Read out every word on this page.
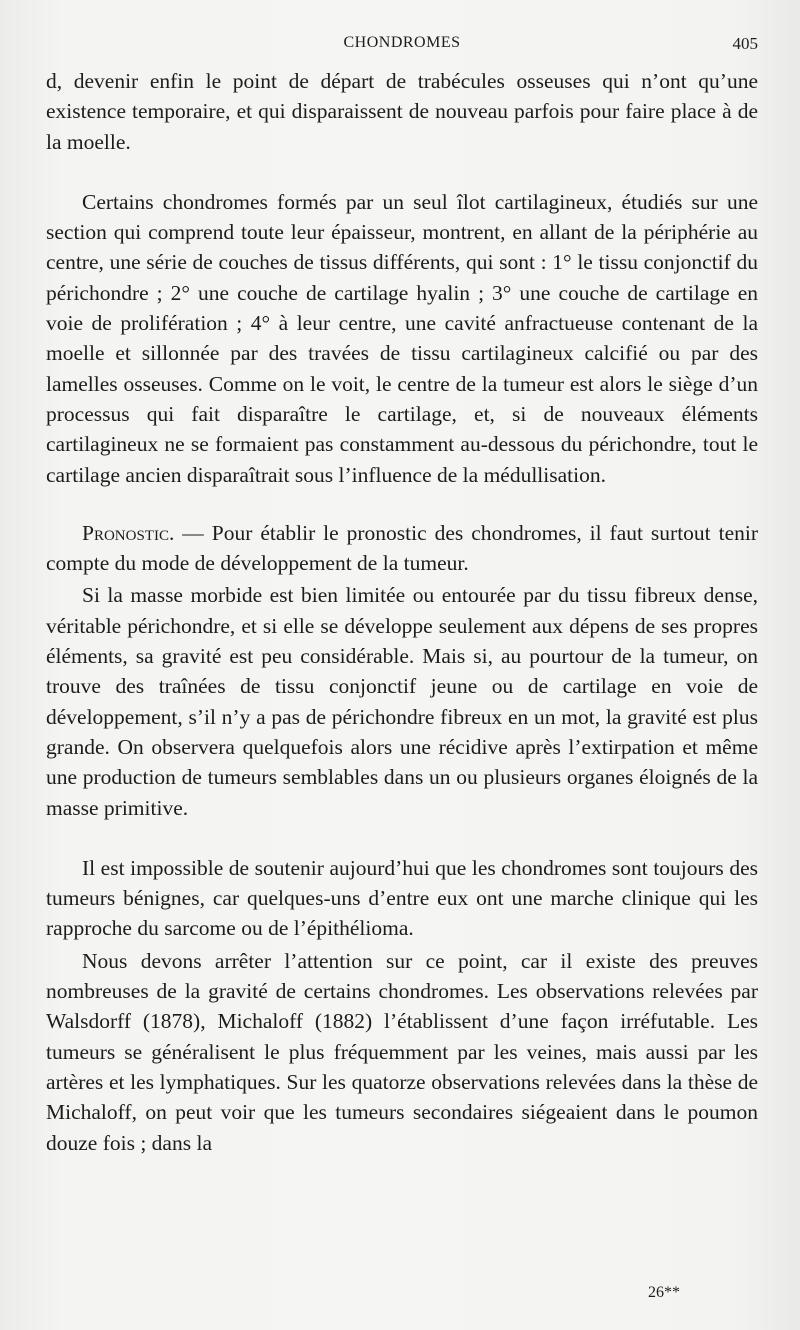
CHONDROMES	405

d, devenir enfin le point de départ de trabécules osseuses qui n’ont qu’une existence temporaire, et qui disparaissent de nouveau parfois pour faire place à de la moelle.

Certains chondromes formés par un seul îlot cartilagineux, étudiés sur une section qui comprend toute leur épaisseur, montrent, en allant de la périphérie au centre, une série de couches de tissus différents, qui sont : 1° le tissu conjonctif du périchondre ; 2° une couche de cartilage hyalin ; 3° une couche de cartilage en voie de prolifération ; 4° à leur centre, une cavité anfractueuse contenant de la moelle et sillonnée par des travées de tissu cartilagineux calcifié ou par des lamelles osseuses. Comme on le voit, le centre de la tumeur est alors le siège d’un processus qui fait disparaître le cartilage, et, si de nouveaux éléments cartilagineux ne se formaient pas constamment au-dessous du périchondre, tout le cartilage ancien disparaîtrait sous l’influence de la médullisation.

Pronostic. — Pour établir le pronostic des chondromes, il faut surtout tenir compte du mode de développement de la tumeur.

Si la masse morbide est bien limitée ou entourée par du tissu fibreux dense, véritable périchondre, et si elle se développe seulement aux dépens de ses propres éléments, sa gravité est peu considérable. Mais si, au pourtour de la tumeur, on trouve des traînées de tissu conjonctif jeune ou de cartilage en voie de développement, s’il n’y a pas de périchondre fibreux en un mot, la gravité est plus grande. On observera quelquefois alors une récidive après l’extirpation et même une production de tumeurs semblables dans un ou plusieurs organes éloignés de la masse primitive.

Il est impossible de soutenir aujourd’hui que les chondromes sont toujours des tumeurs bénignes, car quelques-uns d’entre eux ont une marche clinique qui les rapproche du sarcome ou de l’épithélioma.

Nous devons arrêter l’attention sur ce point, car il existe des preuves nombreuses de la gravité de certains chondromes. Les observations relevées par Walsdorff (1878), Michaloff (1882) l’établissent d’une façon irréfutable. Les tumeurs se généralisent le plus fréquemment par les veines, mais aussi par les artères et les lymphatiques. Sur les quatorze observations relevées dans la thèse de Michaloff, on peut voir que les tumeurs secondaires siégeaient dans le poumon douze fois ; dans la

26**
